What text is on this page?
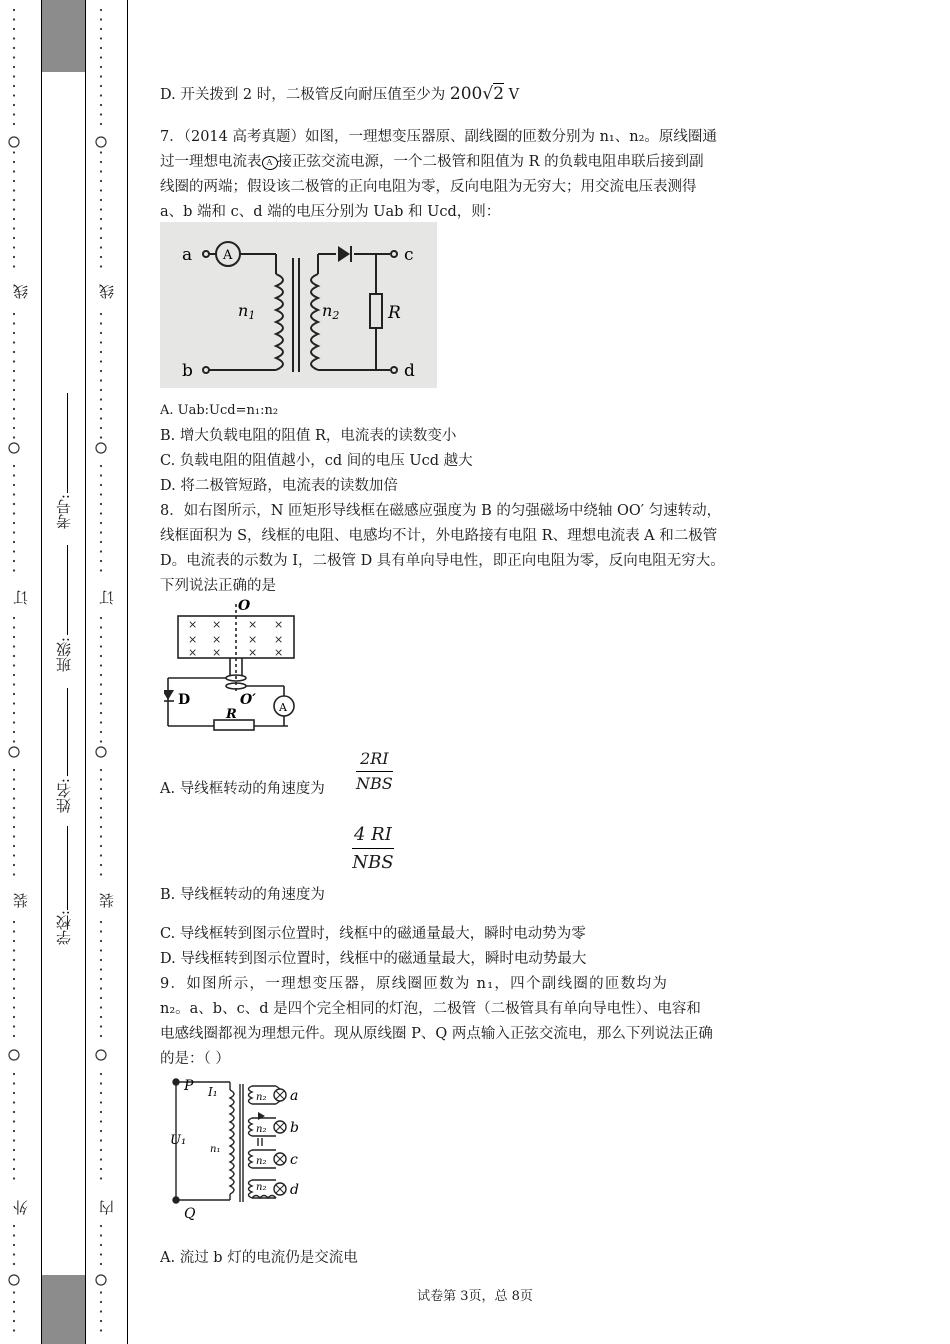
线
订
装
外
线
订
装
内
考号:
班级:
姓名:
学校:
D. 开关拨到 2 时，二极管反向耐压值至少为 200√2 V
7．（2014 高考真题）如图，一理想变压器原、副线圈的匝数分别为 n₁、n₂。原线圈通
过一理想电流表 A 接正弦交流电源，一个二极管和阻值为 R 的负载电阻串联后接到副
线圈的两端；假设该二极管的正向电阻为零，反向电阻为无穷大；用交流电压表测得
a、b 端和 c、d 端的电压分别为 Uab 和 Ucd，则：
a
b
A	c
d
n1	n2	R
A. Uab:Ucd=n₁:n₂
B. 增大负载电阻的阻值 R，电流表的读数变小
C. 负载电阻的阻值越小，cd 间的电压 Ucd 越大
D. 将二极管短路，电流表的读数加倍
8．如右图所示，N 匝矩形导线框在磁感应强度为 B 的匀强磁场中绕轴 OO′ 匀速转动，
线框面积为 S，线框的电阻、电感均不计，外电路接有电阻 R、理想电流表 A 和二极管
D。电流表的示数为 I，二极管 D 具有单向导电性，即正向电阻为零，反向电阻无穷大。
下列说法正确的是
× × × ×
× × × ×
× × × ×
O
O′
D
R	A
A. 导线框转动的角速度为
2RI
NBS
4 RI
NBS
B. 导线框转动的角速度为
C. 导线框转到图示位置时，线框中的磁通量最大，瞬时电动势为零
D. 导线框转到图示位置时，线框中的磁通量最大，瞬时电动势最大
9．如图所示，一理想变压器，原线圈匝数为 n₁，四个副线圈的匝数均为
n₂。a、b、c、d 是四个完全相同的灯泡，二极管（二极管具有单向导电性）、电容和
电感线圈都视为理想元件。现从原线圈 P、Q 两点输入正弦交流电，那么下列说法正确
的是：（ ）
P I₁
U₁
n₁
Q
n₂
n₂
n₂
n₂
a
b
c
d
A. 流过 b 灯的电流仍是交流电
试卷第 3页，总 8页
